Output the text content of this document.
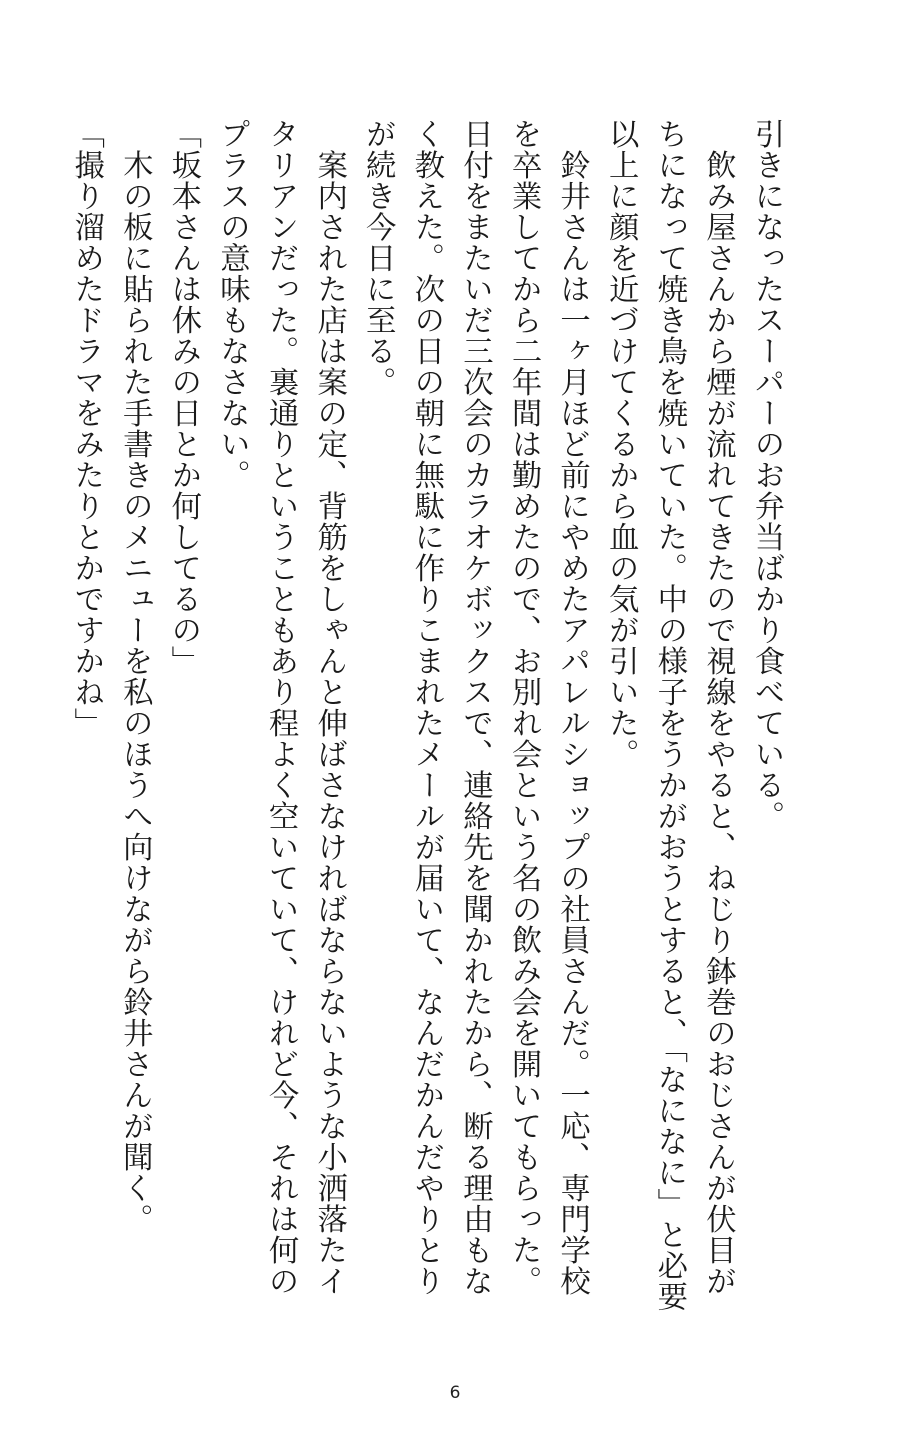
引きになったスーパーのお弁当ばかり食べている。

　飲み屋さんから煙が流れてきたので視線をやると、ねじり鉢巻のおじさんが伏目がちになって焼き鳥を焼いていた。中の様子をうかがおうとすると、「なになに」と必要以上に顔を近づけてくるから血の気が引いた。

　鈴井さんは一ヶ月ほど前にやめたアパレルショップの社員さんだ。一応、専門学校を卒業してから二年間は勤めたので、お別れ会という名の飲み会を開いてもらった。日付をまたいだ三次会のカラオケボックスで、連絡先を聞かれたから、断る理由もなく教えた。次の日の朝に無駄に作りこまれたメールが届いて、なんだかんだやりとりが続き今日に至る。

　案内された店は案の定、背筋をしゃんと伸ばさなければならないような小洒落たイタリアンだった。裏通りということもあり程よく空いていて、けれど今、それは何のプラスの意味もなさない。

「坂本さんは休みの日とか何してるの」

　木の板に貼られた手書きのメニューを私のほうへ向けながら鈴井さんが聞く。

「撮り溜めたドラマをみたりとかですかね」

6
